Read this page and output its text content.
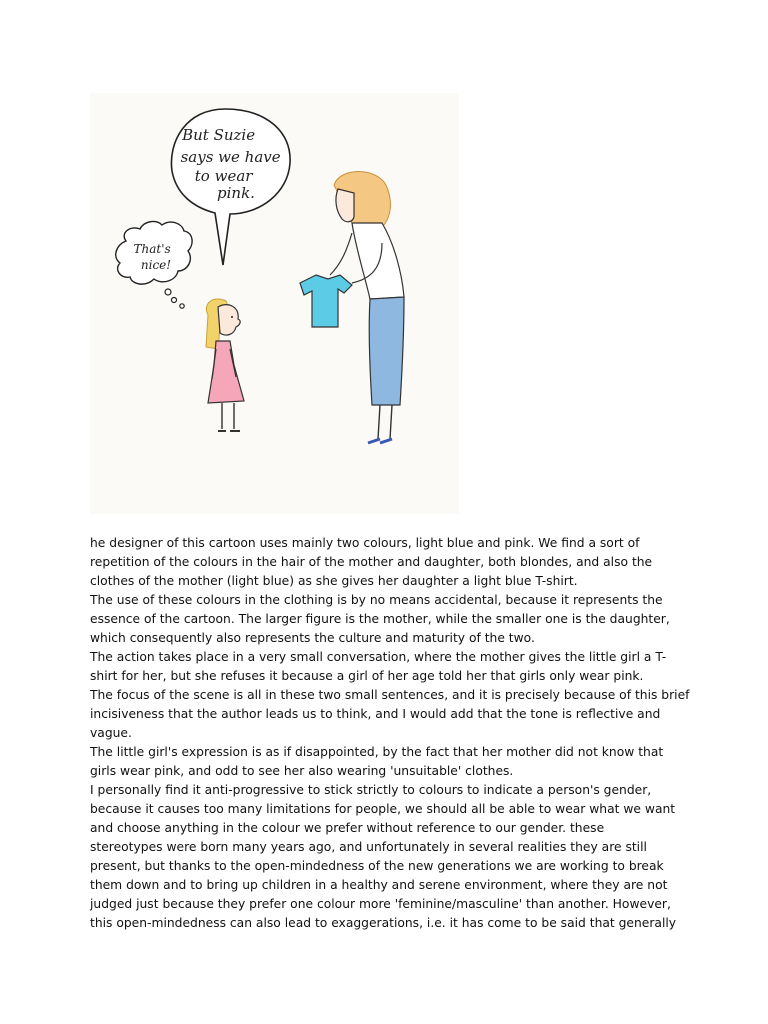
But Suzie says we have to wear pink.
That's nice!

he designer of this cartoon uses mainly two colours, light blue and pink. We find a sort of

repetition of the colours in the hair of the mother and daughter, both blondes, and also the

clothes of the mother (light blue) as she gives her daughter a light blue T-shirt.

The use of these colours in the clothing is by no means accidental, because it represents the

essence of the cartoon. The larger figure is the mother, while the smaller one is the daughter,

which consequently also represents the culture and maturity of the two.

The action takes place in a very small conversation, where the mother gives the little girl a T-

shirt for her, but she refuses it because a girl of her age told her that girls only wear pink.

The focus of the scene is all in these two small sentences, and it is precisely because of this brief

incisiveness that the author leads us to think, and I would add that the tone is reflective and

vague.

The little girl's expression is as if disappointed, by the fact that her mother did not know that

girls wear pink, and odd to see her also wearing 'unsuitable' clothes.

I personally find it anti-progressive to stick strictly to colours to indicate a person's gender,

because it causes too many limitations for people, we should all be able to wear what we want

and choose anything in the colour we prefer without reference to our gender. these

stereotypes were born many years ago, and unfortunately in several realities they are still

present, but thanks to the open-mindedness of the new generations we are working to break

them down and to bring up children in a healthy and serene environment, where they are not

judged just because they prefer one colour more 'feminine/masculine' than another. However,

this open-mindedness can also lead to exaggerations, i.e. it has come to be said that generally
